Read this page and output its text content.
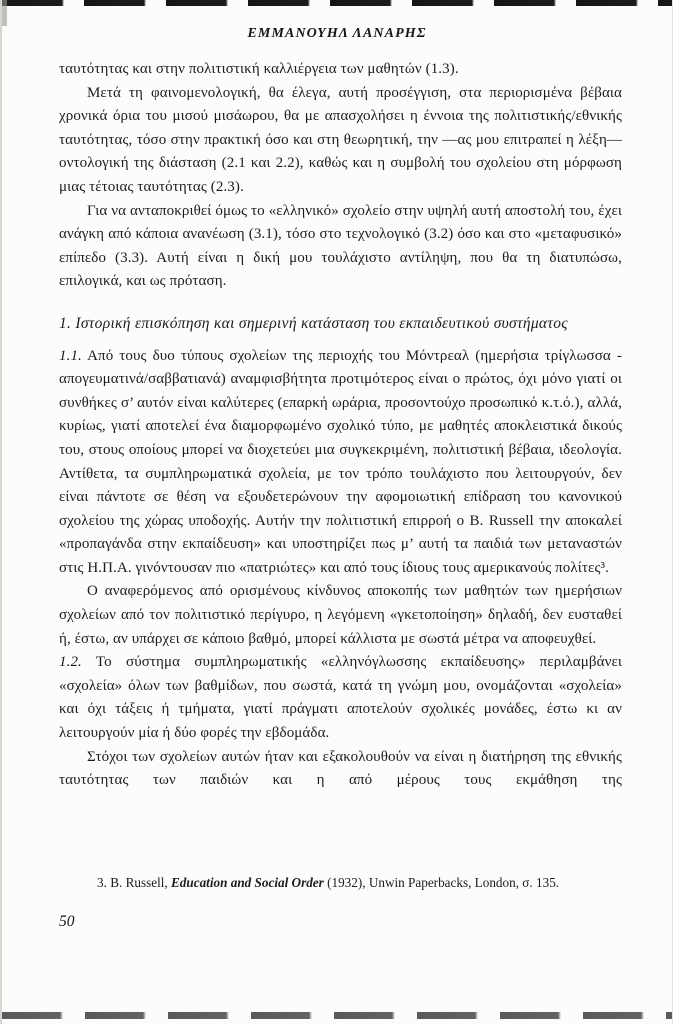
ΕΜΜΑΝΟΥΗΛ ΛΑΝΑΡΗΣ

ταυτότητας και στην πολιτιστική καλλιέργεια των μαθητών (1.3).

Μετά τη φαινομενολογική, θα έλεγα, αυτή προσέγγιση, στα περιορισμένα βέβαια χρονικά όρια του μισού μισάωρου, θα με απασχολήσει η έννοια της πολιτιστικής/εθνικής ταυτότητας, τόσο στην πρακτική όσο και στη θεωρητική, την —ας μου επιτραπεί η λέξη— οντολογική της διάσταση (2.1 και 2.2), καθώς και η συμβολή του σχολείου στη μόρφωση μιας τέτοιας ταυτότητας (2.3).

Για να ανταποκριθεί όμως το «ελληνικό» σχολείο στην υψηλή αυτή αποστολή του, έχει ανάγκη από κάποια ανανέωση (3.1), τόσο στο τεχνολογικό (3.2) όσο και στο «μεταφυσικό» επίπεδο (3.3). Αυτή είναι η δική μου τουλάχιστο αντίληψη, που θα τη διατυπώσω, επιλογικά, και ως πρόταση.

1. Ιστορική επισκόπηση και σημερινή κατάσταση του εκπαιδευτικού συστήματος

1.1. Από τους δυο τύπους σχολείων της περιοχής του Μόντρεαλ (ημερήσια τρίγλωσσα - απογευματινά/σαββατιανά) αναμφισβήτητα προτιμότερος είναι ο πρώτος, όχι μόνο γιατί οι συνθήκες σ’ αυτόν είναι καλύτερες (επαρκή ωράρια, προσοντούχο προσωπικό κ.τ.ό.), αλλά, κυρίως, γιατί αποτελεί ένα διαμορφωμένο σχολικό τύπο, με μαθητές αποκλειστικά δικούς του, στους οποίους μπορεί να διοχετεύει μια συγκεκριμένη, πολιτιστική βέβαια, ιδεολογία. Αντίθετα, τα συμπληρωματικά σχολεία, με τον τρόπο τουλάχιστο που λειτουργούν, δεν είναι πάντοτε σε θέση να εξουδετερώνουν την αφομοιωτική επίδραση του κανονικού σχολείου της χώρας υποδοχής. Αυτήν την πολιτιστική επιρροή ο B. Russell την αποκαλεί «προπαγάνδα στην εκπαίδευση» και υποστηρίζει πως μ’ αυτή τα παιδιά των μεταναστών στις Η.Π.Α. γινόντουσαν πιο «πατριώτες» και από τους ίδιους τους αμερικανούς πολίτες³.

Ο αναφερόμενος από ορισμένους κίνδυνος αποκοπής των μαθητών των ημερήσιων σχολείων από τον πολιτιστικό περίγυρο, η λεγόμενη «γκετοποίηση» δηλαδή, δεν ευσταθεί ή, έστω, αν υπάρχει σε κάποιο βαθμό, μπορεί κάλλιστα με σωστά μέτρα να αποφευχθεί.

1.2. Το σύστημα συμπληρωματικής «ελληνόγλωσσης εκπαίδευσης» περιλαμβάνει «σχολεία» όλων των βαθμίδων, που σωστά, κατά τη γνώμη μου, ονομάζονται «σχολεία» και όχι τάξεις ή τμήματα, γιατί πράγματι αποτελούν σχολικές μονάδες, έστω κι αν λειτουργούν μία ή δύο φορές την εβδομάδα.

Στόχοι των σχολείων αυτών ήταν και εξακολουθούν να είναι η διατήρηση της εθνικής ταυτότητας των παιδιών και η από μέρους τους εκμάθηση της

3. B. Russell, Education and Social Order (1932), Unwin Paperbacks, London, σ. 135.
50
